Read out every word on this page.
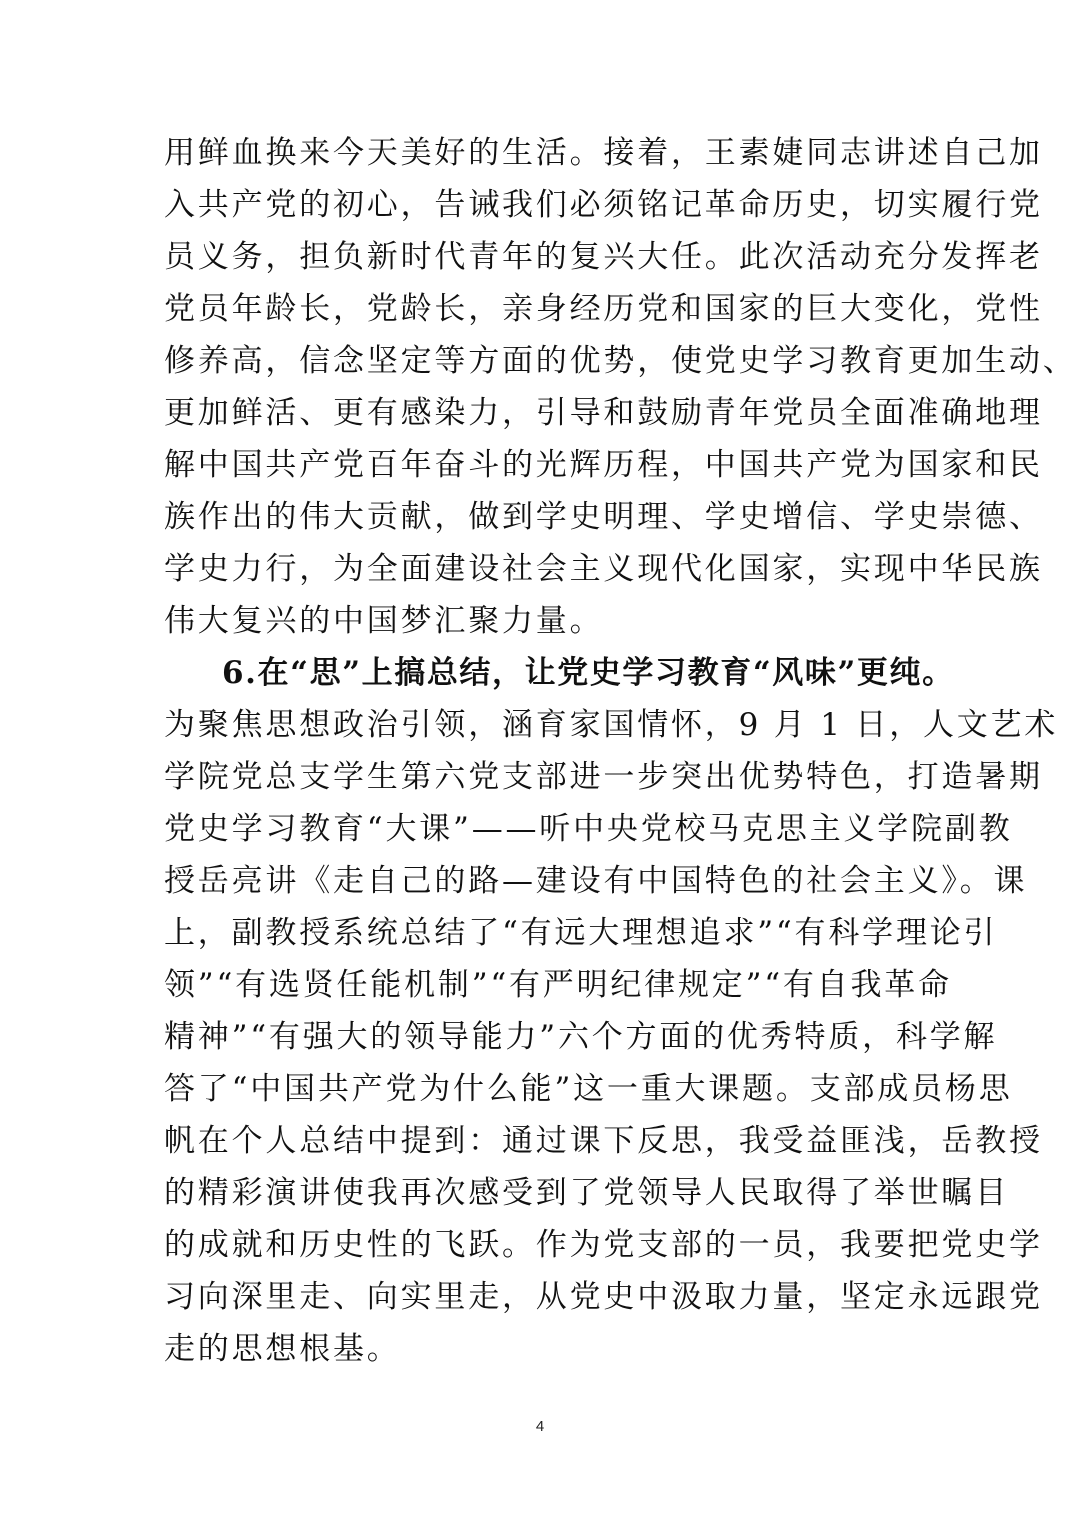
用鲜血换来今天美好的生活。接着，王素婕同志讲述自己加
入共产党的初心，告诫我们必须铭记革命历史，切实履行党
员义务，担负新时代青年的复兴大任。此次活动充分发挥老
党员年龄长，党龄长，亲身经历党和国家的巨大变化，党性
修养高，信念坚定等方面的优势，使党史学习教育更加生动、
更加鲜活、更有感染力，引导和鼓励青年党员全面准确地理
解中国共产党百年奋斗的光辉历程，中国共产党为国家和民
族作出的伟大贡献，做到学史明理、学史增信、学史崇德、
学史力行，为全面建设社会主义现代化国家，实现中华民族
伟大复兴的中国梦汇聚力量。
6.在“思”上搞总结，让党史学习教育“风味”更纯。
为聚焦思想政治引领，涵育家国情怀，9 月 1 日，人文艺术
学院党总支学生第六党支部进一步突出优势特色，打造暑期
党史学习教育“大课”——听中央党校马克思主义学院副教
授岳亮讲《走自己的路—建设有中国特色的社会主义》。课
上，副教授系统总结了“有远大理想追求”“有科学理论引
领”“有选贤任能机制”“有严明纪律规定”“有自我革命
精神”“有强大的领导能力”六个方面的优秀特质，科学解
答了“中国共产党为什么能”这一重大课题。支部成员杨思
帆在个人总结中提到：通过课下反思，我受益匪浅，岳教授
的精彩演讲使我再次感受到了党领导人民取得了举世瞩目
的成就和历史性的飞跃。作为党支部的一员，我要把党史学
习向深里走、向实里走，从党史中汲取力量，坚定永远跟党
走的思想根基。
4
